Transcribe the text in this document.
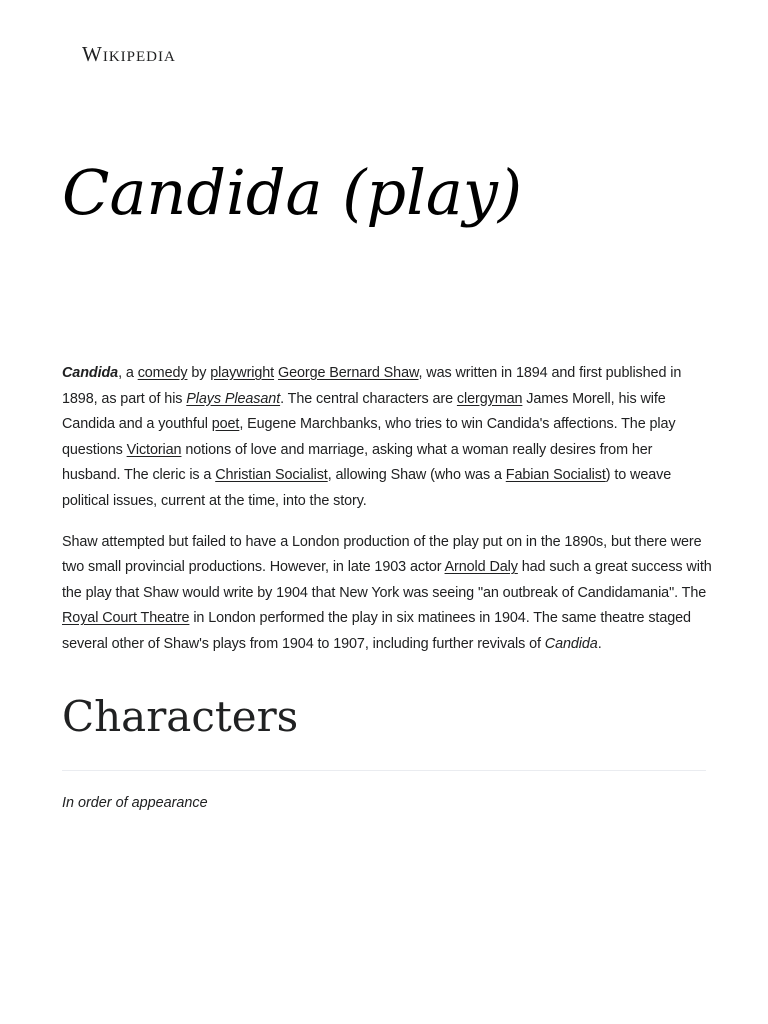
Wikipedia
Candida (play)

Candida, a comedy by playwright George Bernard Shaw, was written in 1894 and first published in 1898, as part of his Plays Pleasant. The central characters are clergyman James Morell, his wife Candida and a youthful poet, Eugene Marchbanks, who tries to win Candida's affections. The play questions Victorian notions of love and marriage, asking what a woman really desires from her husband. The cleric is a Christian Socialist, allowing Shaw (who was a Fabian Socialist) to weave political issues, current at the time, into the story.

Shaw attempted but failed to have a London production of the play put on in the 1890s, but there were two small provincial productions. However, in late 1903 actor Arnold Daly had such a great success with the play that Shaw would write by 1904 that New York was seeing "an outbreak of Candidamania". The Royal Court Theatre in London performed the play in six matinees in 1904. The same theatre staged several other of Shaw's plays from 1904 to 1907, including further revivals of Candida.

Characters
In order of appearance
